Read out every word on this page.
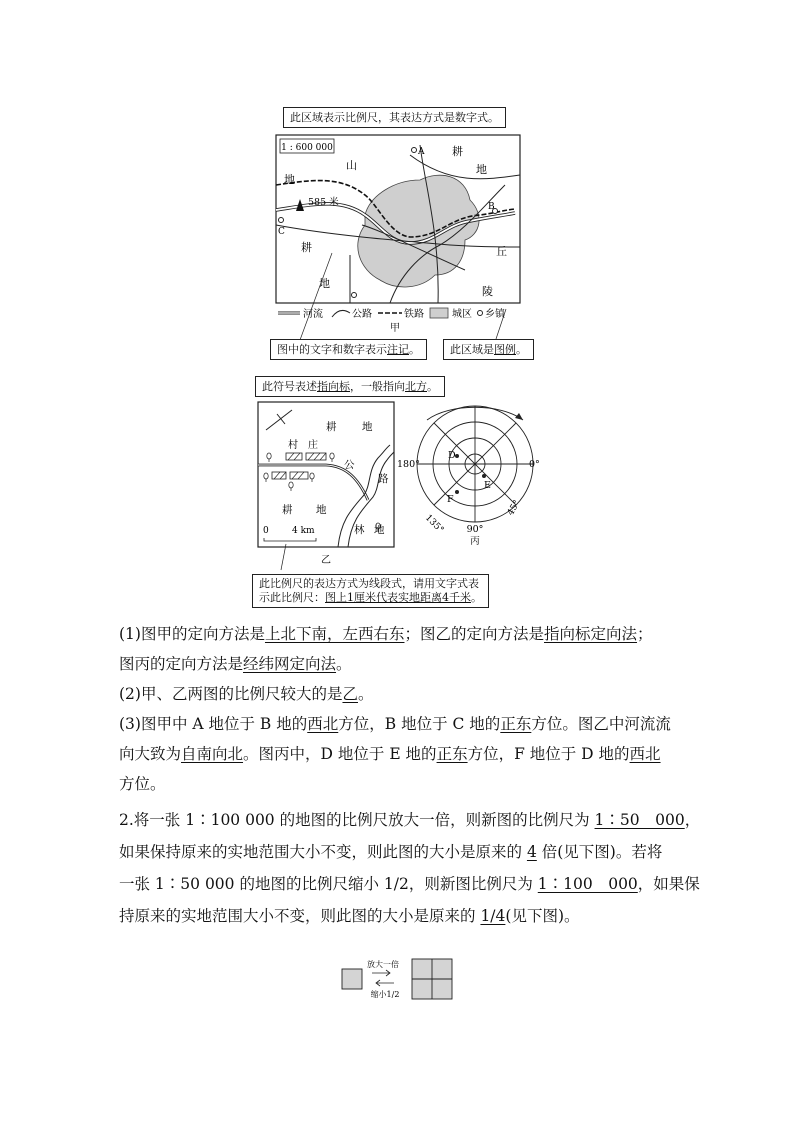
此区域表示比例尺，其表达方式是数字式。
1 : 600 000
585 米
山
地
耕
地
耕
地
丘
陵
A
B
C
河流	公路	铁路	城区 乡镇
甲
图中的文字和数字表示注记。	此区域是图例。
此符号表述指向标，一般指向北方。
耕 地
村 庄
公
路
耕 地
林 地
0	4 km
乙
此比例尺的表达方式为线段式，请用文字式表
示此比例尺：图上1厘米代表实地距离4千米。
D
E
F
180°	0°
135°
45°
90°
丙
(1)图甲的定向方法是上北下南，左西右东；图乙的定向方法是指向标定向法；
图丙的定向方法是经纬网定向法。
(2)甲、乙两图的比例尺较大的是乙。
(3)图甲中 A 地位于 B 地的西北方位，B 地位于 C 地的正东方位。图乙中河流流
向大致为自南向北。图丙中，D 地位于 E 地的正东方位，F 地位于 D 地的西北
方位。
2.将一张 1∶100 000 的地图的比例尺放大一倍，则新图的比例尺为 1∶50　000，
如果保持原来的实地范围大小不变，则此图的大小是原来的 4 倍(见下图)。若将
一张 1∶50 000 的地图的比例尺缩小 1/2，则新图比例尺为 1∶100　000，如果保
持原来的实地范围大小不变，则此图的大小是原来的 1/4(见下图)。
放大一倍
缩小1/2
